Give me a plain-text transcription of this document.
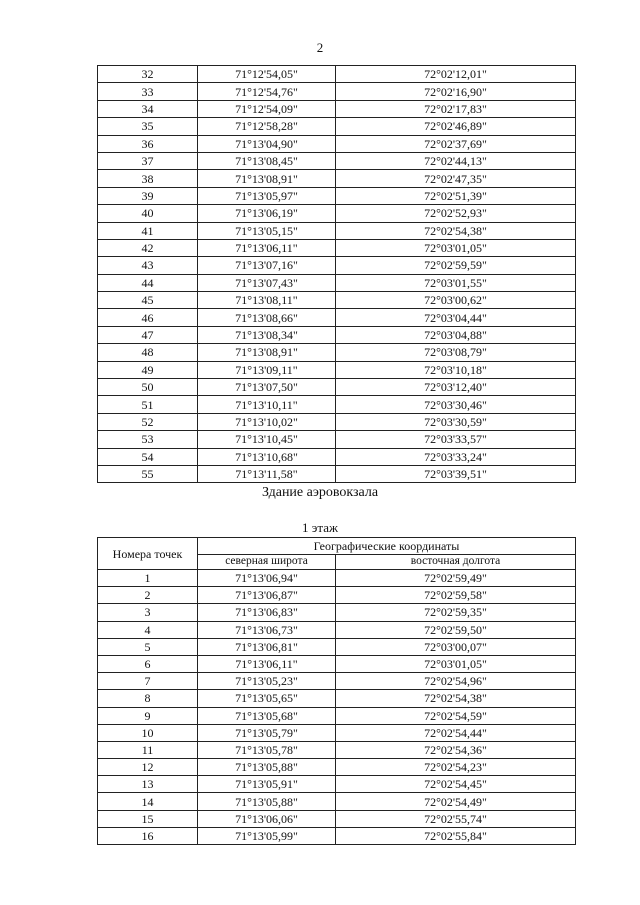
2
32	71°12'54,05"	72°02'12,01"
33	71°12'54,76"	72°02'16,90"
34	71°12'54,09"	72°02'17,83"
35	71°12'58,28"	72°02'46,89"
36	71°13'04,90"	72°02'37,69"
37	71°13'08,45"	72°02'44,13"
38	71°13'08,91"	72°02'47,35"
39	71°13'05,97"	72°02'51,39"
40	71°13'06,19"	72°02'52,93"
41	71°13'05,15"	72°02'54,38"
42	71°13'06,11"	72°03'01,05"
43	71°13'07,16"	72°02'59,59"
44	71°13'07,43"	72°03'01,55"
45	71°13'08,11"	72°03'00,62"
46	71°13'08,66"	72°03'04,44"
47	71°13'08,34"	72°03'04,88"
48	71°13'08,91"	72°03'08,79"
49	71°13'09,11"	72°03'10,18"
50	71°13'07,50"	72°03'12,40"
51	71°13'10,11"	72°03'30,46"
52	71°13'10,02"	72°03'30,59"
53	71°13'10,45"	72°03'33,57"
54	71°13'10,68"	72°03'33,24"
55	71°13'11,58"	72°03'39,51"
Здание аэровокзала
1 этаж
Номера точек	Географические координаты	
	северная широта	восточная долгота
1	71°13'06,94"	72°02'59,49"
2	71°13'06,87"	72°02'59,58"
3	71°13'06,83"	72°02'59,35"
4	71°13'06,73"	72°02'59,50"
5	71°13'06,81"	72°03'00,07"
6	71°13'06,11"	72°03'01,05"
7	71°13'05,23"	72°02'54,96"
8	71°13'05,65"	72°02'54,38"
9	71°13'05,68"	72°02'54,59"
10	71°13'05,79"	72°02'54,44"
11	71°13'05,78"	72°02'54,36"
12	71°13'05,88"	72°02'54,23"
13	71°13'05,91"	72°02'54,45"
14	71°13'05,88"	72°02'54,49"
15	71°13'06,06"	72°02'55,74"
16	71°13'05,99"	72°02'55,84"
